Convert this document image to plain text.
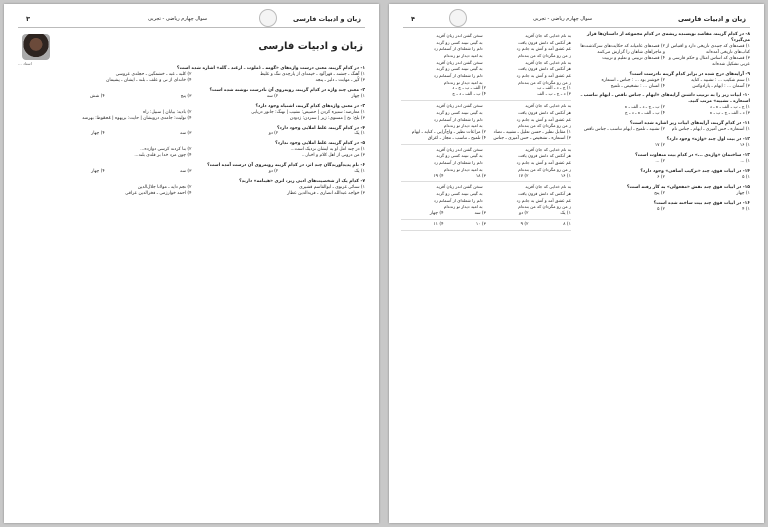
زبان و ادبیات فارسی
سوال چهارم ریاضی - تجربی
۳
زبان و ادبیات فارسی
استاد ...
۱- در کدام گزینه، معنی درست واژه‌های «گومه ـ دُملوت ـ ارغند ـ گله» اشاره شده است؟
۱) آهنگ ـ جشنه ـ قهرآلود ـ خیمه‌ای از پارچه‌ی تنگ و غلیظ
۲) کلبه ـ غبه ـ خشمگین ـ حجله‌ی عروسی
۳) کُپر ـ مهابت ـ دلیر ـ پنجه
۴) خانه‌ای از نی و علف ـ بلند ـ ایشان ـ پشیمان
۲- معنی چند واژه در کدام گزینه، روبه‌روی آن نادرست نوشته شده است؟
۱) چهار
۲) سه
۳) پنج
۴) شش
۳- در معنی واژه‌های کدام گزینه، اشتباه وجود دارد؟
۱) معارضه: ستیزه کردن | حضیض: نشیب | نهنگ: جانور دریایی
۲) بادیه: بیابان | سبیل: راه
۳) بلخ: نخ | مستوی: زیر | ستردن: زدودن
۴) تولیت: جامه‌ی درویشان | حایت: بریهوه | مُحمّوظ: بهرمند
۴- در کدام گزینه، غلط املایی وجود دارد؟
۱) یک
۲) دو
۳) سه
۴) چهار
۵- در کدام گزینه، غلط املایی وجود ندارد؟
۱) در چند امل او به ایشان نزدیک است...
۲) بنا کردند کرسی دوازده...
۳) من درونی از اهل کلام و اخبار...
۴) چون مرد خدا بر قله‌ی بلند...
۶- نام پدیدآورندگان چند اثر، در کدام گزینه روبه‌روی آن درست آمده است؟
۱) یک
۲) دو
۳) سه
۴) چهار
۷- کدام یک از شخصیت‌های ادبی زیر، اثری «هینامه» دارند؟
۱) سنائی غزنوی ـ ابوالقاسم قشیری
۲) نجم دایه ـ مولانا جلال‌الدین
۳) خواجه عبدالله انصاری ـ فریدالدین عطار
۴) احمد خوارزمی ـ فخرالدین عراقی
زبان و ادبیات فارسی
سوال چهارم ریاضی - تجربی
۴
۸- در کدام گزینه، مقاصد نویسنده ریشه‌ی در کدام مجموعه از داستان‌ها قرار می‌گیرد؟
۱) قصه‌های که جنبه‌ی تاریخی دارد و اقتباس از کتاب‌های تاریخی آمده‌اند
۲) قصه‌های عامیانه که حکایت‌های سرگذشت‌ها و ماجراهای شاهان را گزارش می‌کنند
۳) قصه‌های که اساس امثال و حکم فارسی و عربی تشکیل شده‌اند
۴) قصه‌های تربیتی و تعلیم و تربیت
۹- آرایه‌های درج شده در برابر کدام گزینه نادرست است؟
۱) ستم شکیب ... : تشبیه ـ کنایه
۲) خوشتر بود ... : جناس ـ استعاره
۳) آسمان ... : ایهام ـ پارادوکس
۴) انسان ... : تشخیص ـ تلمیح
۱۰- ابیات زیر را به ترتیب داشتن آرایه‌های «ایهام ـ جناس ناقص ـ ایهام تناسب ـ استعاره ـ تشبیه» مرتب کنید.
۱) ج ـ ب ـ الف ـ ه ـ د
۲) ب ـ ج ـ د ـ الف ـ ه
۳) د ـ الف ـ ج ـ ب ـ ه
۴) ب ـ الف ـ ه ـ د ـ ج
۱۱- در کدام گزینه، آرایه‌های ابیات زیر اشاره شده است؟
۱) استعاره ـ حس آمیزی ـ ایهام ـ جناس تام
۲) تشبیه ـ تلمیح ـ ایهام تناسب ـ جناس ناقص
۱۲- در بیت اول چند «واژه» وجود دارد؟
۱) ۱۶
۲) ۱۷
۱۳- ساختمان «واژه‌ی ...» در کدام بیت متفاوت است؟
۱) ...
۲) ...
۱۴- در ابیات فوق، چند «ترکیب اضافی» وجود دارد؟
۱) ۵
۲) ۶
۱۵- در ابیات فوق چند نقش «مفعولی» به کار رفته است؟
۱) چهار
۲) پنج
۱۶- در ابیات فوق چند بیت ساخته شده است؟
۱) ۴
۲) ۵
به نام خدایی که جان آفرید
سخن گفتن اندر زبان آفرید
هر آنکس که دانش فزون یافت
به گیتی نبیند کسی زو گزند
غم عشق آمد و آتش به جانم زد
دلم را شعله‌ای از آسمانم زد
ز من رو مگردان که من بنده‌ام
به امید دیدار تو زنده‌ام
به نام خدایی که جان آفرید
سخن گفتن اندر زبان آفرید
هر آنکس که دانش فزون یافت
به گیتی نبیند کسی زو گزند
غم عشق آمد و آتش به جانم زد
دلم را شعله‌ای از آسمانم زد
ز من رو مگردان که من بنده‌ام
به امید دیدار تو زنده‌ام
۱) ج ـ د ـ الف ـ ب
۲) الف ـ ب ـ ج ـ د
۳) د ـ ج ـ ب ـ الف
۴) ب ـ الف ـ د ـ ج
به نام خدایی که جان آفرید
سخن گفتن اندر زبان آفرید
هر آنکس که دانش فزون یافت
به گیتی نبیند کسی زو گزند
غم عشق آمد و آتش به جانم زد
دلم را شعله‌ای از آسمانم زد
ز من رو مگردان که من بنده‌ام
به امید دیدار تو زنده‌ام
۱) مقابل نظیر ـ حسن تعلیل ـ تشبیه ـ تضاد
۲) مراعات نظیر ـ واج‌آرایی ـ کنایه ـ ایهام
۳) استعاره ـ تشخیص ـ حس آمیزی ـ جناس
۴) تلمیح ـ تناسب ـ مجاز ـ اغراق
به نام خدایی که جان آفرید
سخن گفتن اندر زبان آفرید
هر آنکس که دانش فزون یافت
به گیتی نبیند کسی زو گزند
غم عشق آمد و آتش به جانم زد
دلم را شعله‌ای از آسمانم زد
ز من رو مگردان که من بنده‌ام
به امید دیدار تو زنده‌ام
۱) ۱۶
۲) ۱۷
۳) ۱۸
۴) ۱۹
به نام خدایی که جان آفرید
سخن گفتن اندر زبان آفرید
هر آنکس که دانش فزون یافت
به گیتی نبیند کسی زو گزند
غم عشق آمد و آتش به جانم زد
دلم را شعله‌ای از آسمانم زد
ز من رو مگردان که من بنده‌ام
به امید دیدار تو زنده‌ام
۱) یک
۲) دو
۳) سه
۴) چهار
۱) ۸
۲) ۹
۳) ۱۰
۴) ۱۱
